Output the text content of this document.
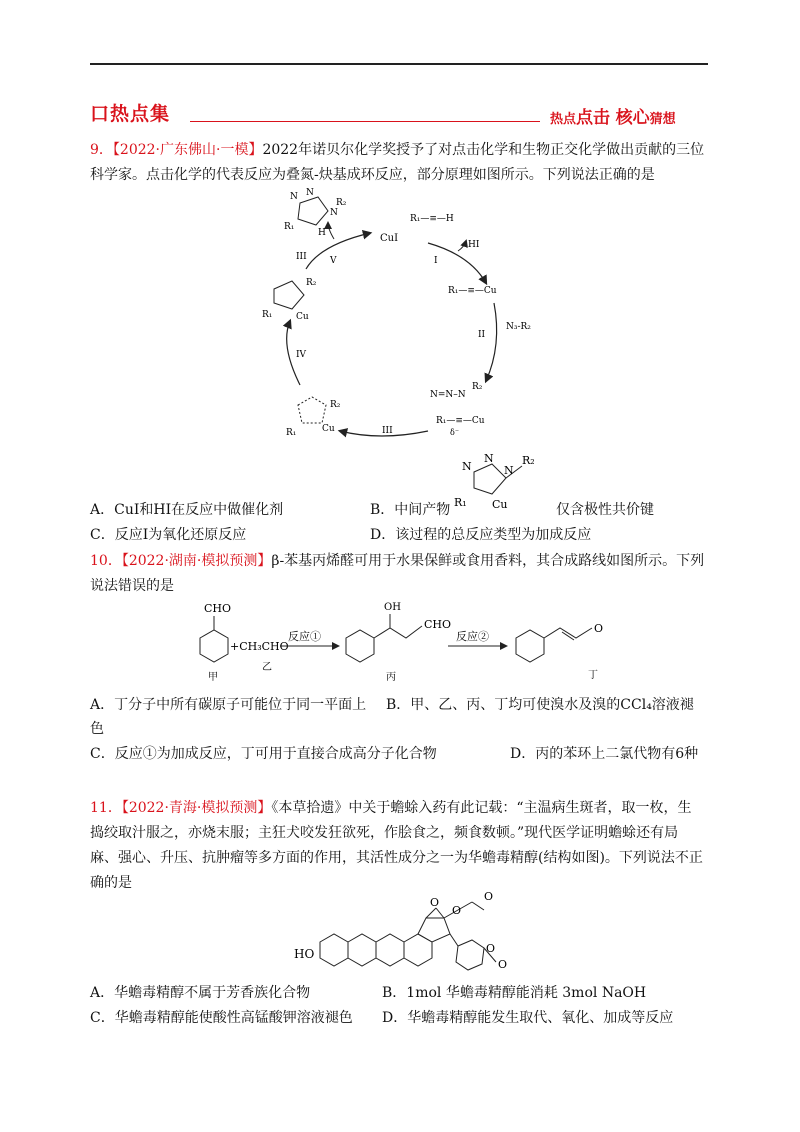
口热点集	热点点击 核心猜想
9．【2022·广东佛山·一模】2022年诺贝尔化学奖授予了对点击化学和生物正交化学做出贡献的三位
科学家。点击化学的代表反应为叠氮-炔基成环反应，部分原理如图所示。下列说法正确的是
N N
N
R₂
R₁
H	CuI
R₁—≡—H
HI
I
R₁—≡—Cu
II
N₃-R₂
N=N–N
R₂
R₁—≡—Cu
δ⁻
III
R₂
Cu
R₁
IV
R₂
R₁	Cu
III	V
N
N
N
R₂
R₁ Cu
A．CuI和HI在反应中做催化剂	B．中间产物	仅含极性共价键
C．反应I为氧化还原反应	D．该过程的总反应类型为加成反应
10．【2022·湖南·模拟预测】β-苯基丙烯醛可用于水果保鲜或食用香料，其合成路线如图所示。下列
说法错误的是
CHO
甲
+CH₃CHO
乙
反应①
OH
CHO
丙
反应②
O
丁
A．丁分子中所有碳原子可能位于同一平面上 B．甲、乙、丙、丁均可使溴水及溴的CCl₄溶液褪
色
C．反应①为加成反应，丁可用于直接合成高分子化合物	D．丙的苯环上二氯代物有6种
11．【2022·青海·模拟预测】《本草拾遗》中关于蟾蜍入药有此记载：“主温病生斑者，取一枚，生
捣绞取汁服之，亦烧末服；主狂犬咬发狂欲死，作脍食之，频食数顿。”现代医学证明蟾蜍还有局
麻、强心、升压、抗肿瘤等多方面的作用，其活性成分之一为华蟾毒精醇(结构如图)。下列说法不正
确的是
HO
O
O
O
O
O
A．华蟾毒精醇不属于芳香族化合物	B．1mol 华蟾毒精醇能消耗 3mol NaOH
C．华蟾毒精醇能使酸性高锰酸钾溶液褪色 D．华蟾毒精醇能发生取代、氧化、加成等反应
